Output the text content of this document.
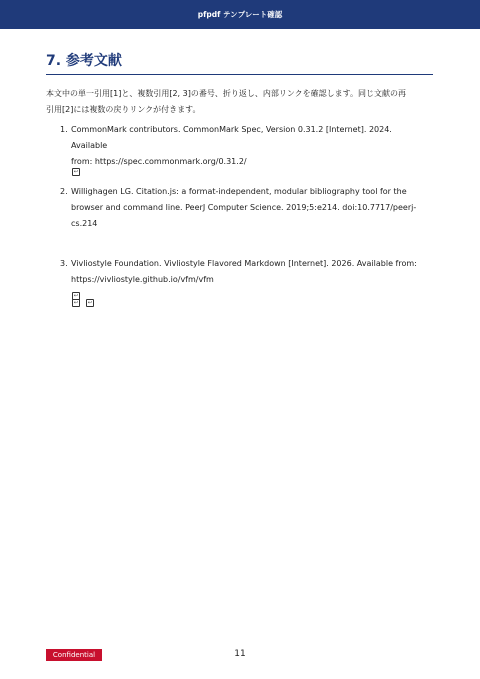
pfpdf テンプレート確認
7. 参考文献

本文中の単一引用[1]と、複数引用[2, 3]の番号、折り返し、内部リンクを確認します。同じ文献の再
引用[2]には複数の戻りリンクが付きます。

1. CommonMark contributors. CommonMark Spec, Version 0.31.2 [Internet]. 2024. Available
from: https://spec.commonmark.org/0.31.2/

↩
2. Willighagen LG. Citation.js: a format-independent, modular bibliography tool for the
browser and command line. PeerJ Computer Science. 2019;5:e214. doi:10.7717/peerj-
cs.214

↩	↩
3. Vivliostyle Foundation. Vivliostyle Flavored Markdown [Internet]. 2026. Available from:
https://vivliostyle.github.io/vfm/vfm

↩
Confidential	11
